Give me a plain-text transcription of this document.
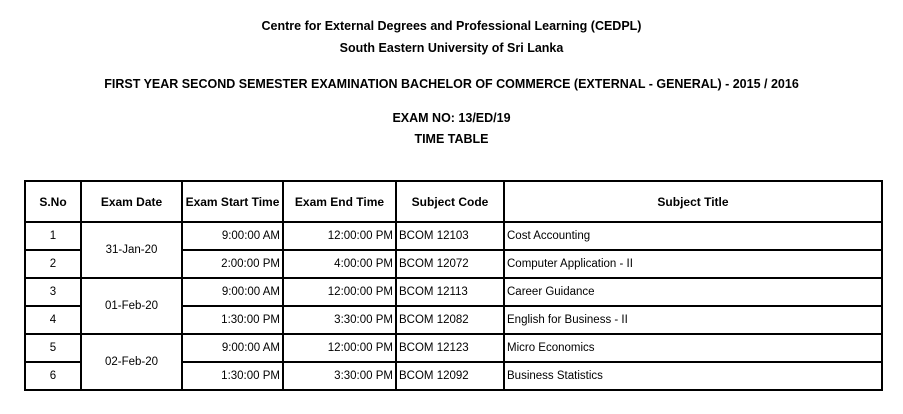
Centre for External Degrees and Professional Learning (CEDPL)
South Eastern University of Sri Lanka
FIRST YEAR SECOND SEMESTER EXAMINATION BACHELOR OF COMMERCE (EXTERNAL - GENERAL) - 2015 / 2016
EXAM NO: 13/ED/19
TIME TABLE
S.No	Exam Date	Exam Start Time	Exam End Time	Subject Code	Subject Title
1	31-Jan-20	9:00:00 AM	12:00:00 PM	BCOM 12103	Cost Accounting
2		2:00:00 PM	4:00:00 PM	BCOM 12072	Computer Application - II
3	01-Feb-20	9:00:00 AM	12:00:00 PM	BCOM 12113	Career Guidance
4		1:30:00 PM	3:30:00 PM	BCOM 12082	English for Business - II
5	02-Feb-20	9:00:00 AM	12:00:00 PM	BCOM 12123	Micro Economics
6		1:30:00 PM	3:30:00 PM	BCOM 12092	Business Statistics
